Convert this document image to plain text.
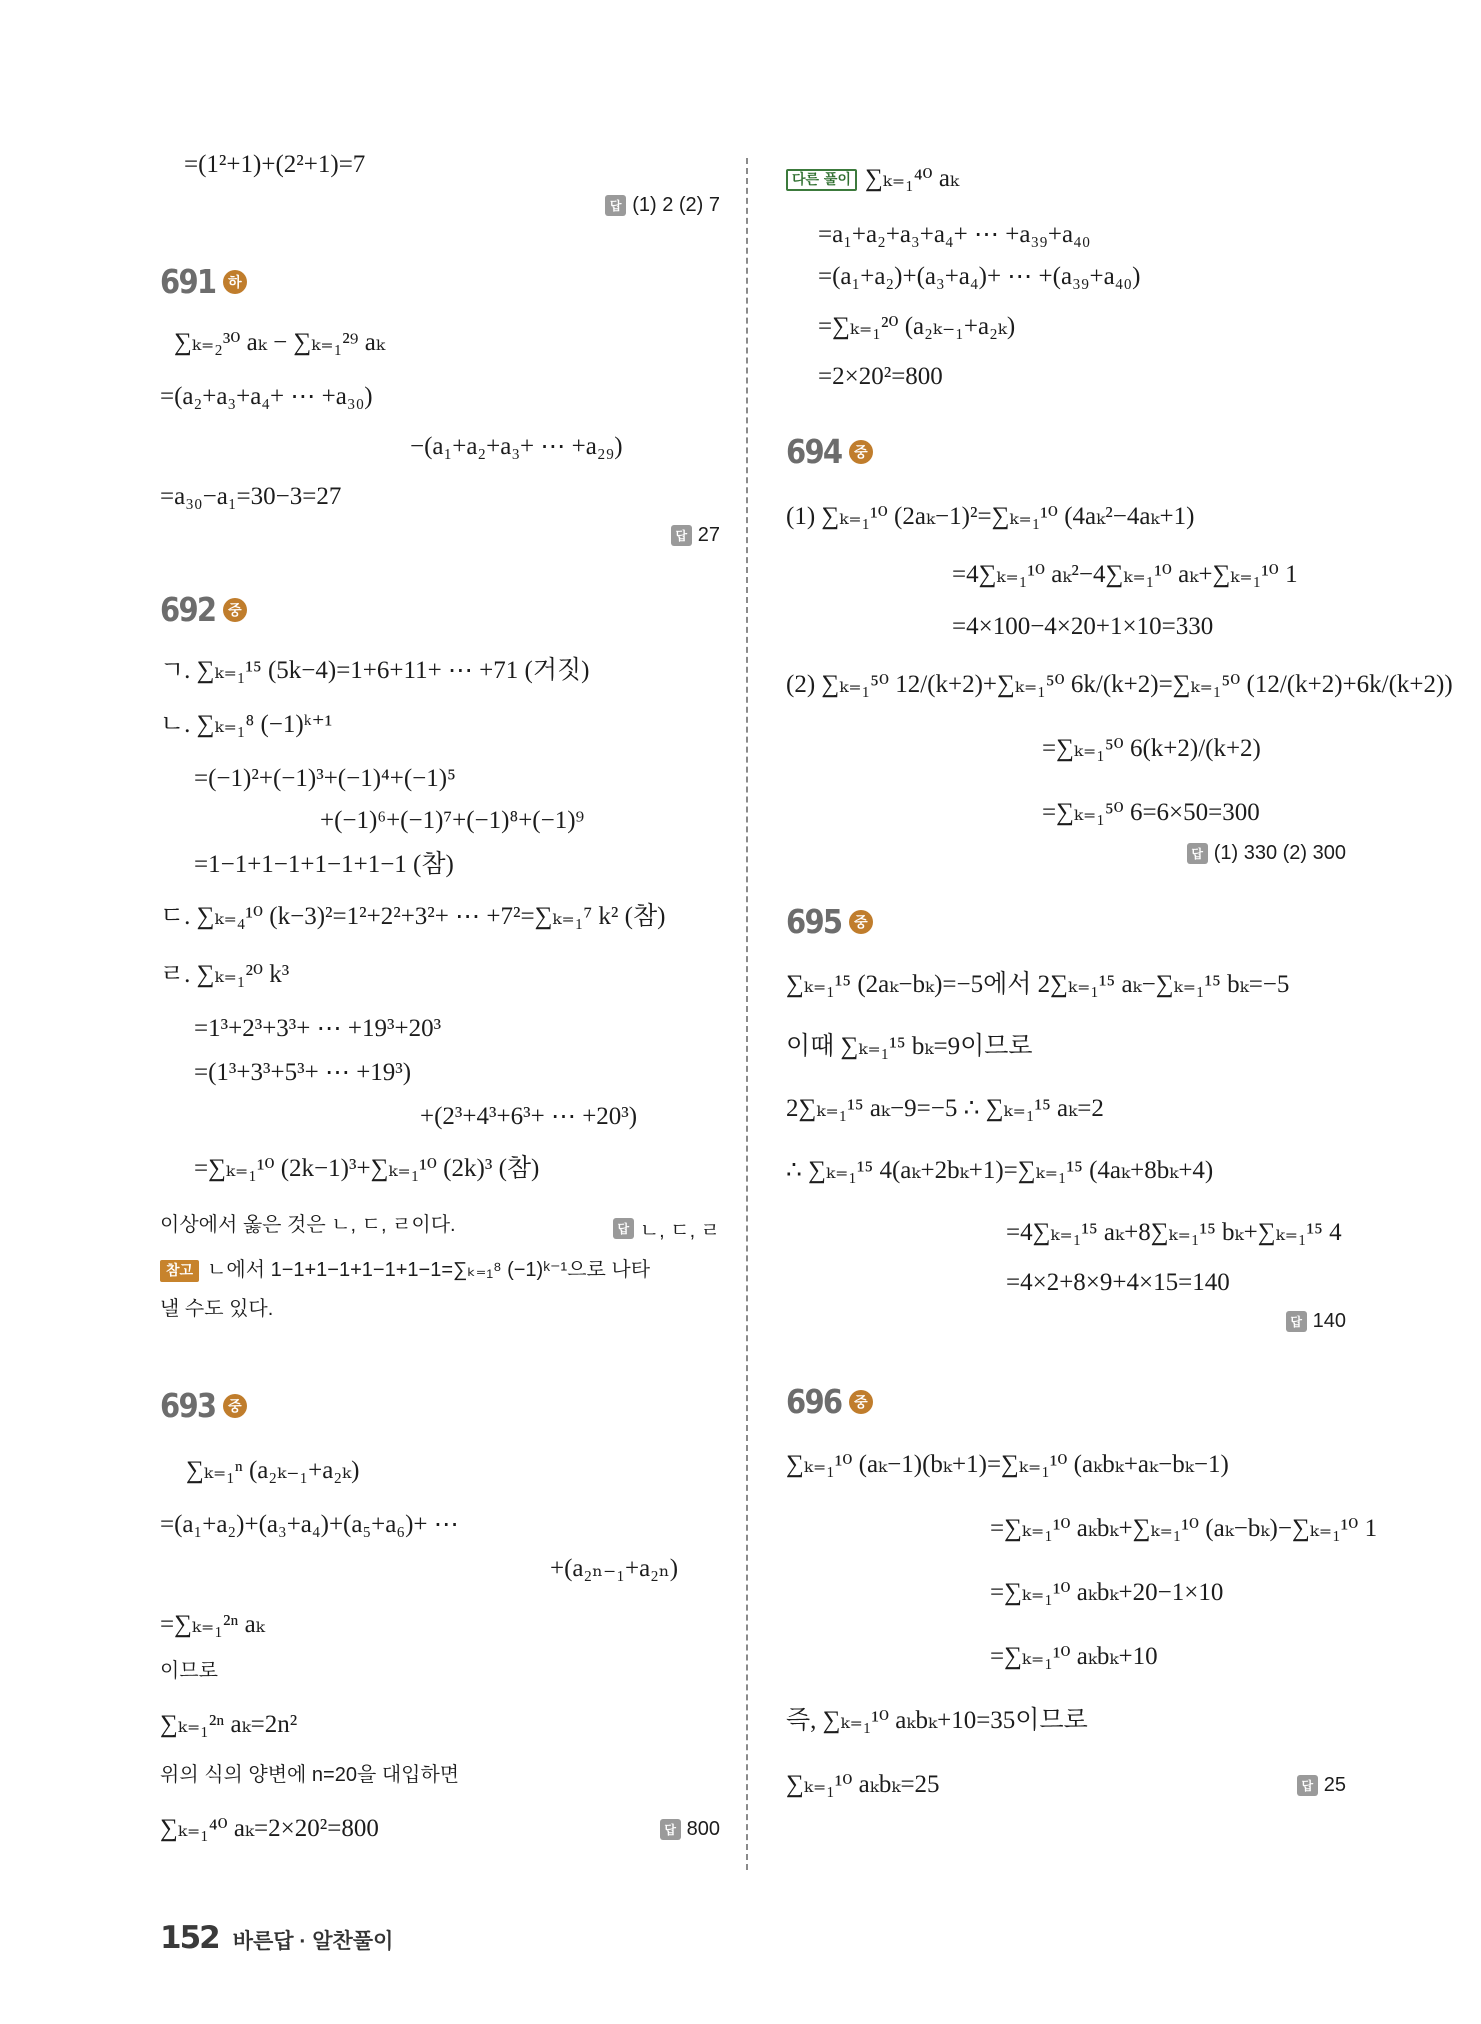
=(1²+1)+(2²+1)=7
답 (1) 2 (2) 7
691 하
∑ₖ₌₂³⁰ aₖ − ∑ₖ₌₁²⁹ aₖ
=(a₂+a₃+a₄+ ⋯ +a₃₀)
−(a₁+a₂+a₃+ ⋯ +a₂₉)
=a₃₀−a₁=30−3=27
답 27
692 중
ㄱ. ∑ₖ₌₁¹⁵ (5k−4)=1+6+11+ ⋯ +71 (거짓)
ㄴ. ∑ₖ₌₁⁸ (−1)ᵏ⁺¹
=(−1)²+(−1)³+(−1)⁴+(−1)⁵
+(−1)⁶+(−1)⁷+(−1)⁸+(−1)⁹
=1−1+1−1+1−1+1−1 (참)
ㄷ. ∑ₖ₌₄¹⁰ (k−3)²=1²+2²+3²+ ⋯ +7²=∑ₖ₌₁⁷ k² (참)
ㄹ. ∑ₖ₌₁²⁰ k³
=1³+2³+3³+ ⋯ +19³+20³
=(1³+3³+5³+ ⋯ +19³)
+(2³+4³+6³+ ⋯ +20³)
=∑ₖ₌₁¹⁰ (2k−1)³+∑ₖ₌₁¹⁰ (2k)³ (참)
이상에서 옳은 것은 ㄴ, ㄷ, ㄹ이다.	답 ㄴ, ㄷ, ㄹ
참고 ㄴ에서 1−1+1−1+1−1+1−1=∑ₖ₌₁⁸ (−1)ᵏ⁻¹으로 나타
낼 수도 있다.
693 중
∑ₖ₌₁ⁿ (a₂ₖ₋₁+a₂ₖ)
=(a₁+a₂)+(a₃+a₄)+(a₅+a₆)+ ⋯
+(a₂ₙ₋₁+a₂ₙ)
=∑ₖ₌₁²ⁿ aₖ
이므로
∑ₖ₌₁²ⁿ aₖ=2n²
위의 식의 양변에 n=20을 대입하면
∑ₖ₌₁⁴⁰ aₖ=2×20²=800	답 800
다른 풀이 ∑ₖ₌₁⁴⁰ aₖ
=a₁+a₂+a₃+a₄+ ⋯ +a₃₉+a₄₀
=(a₁+a₂)+(a₃+a₄)+ ⋯ +(a₃₉+a₄₀)
=∑ₖ₌₁²⁰ (a₂ₖ₋₁+a₂ₖ)
=2×20²=800
694 중
(1) ∑ₖ₌₁¹⁰ (2aₖ−1)²=∑ₖ₌₁¹⁰ (4aₖ²−4aₖ+1)
=4∑ₖ₌₁¹⁰ aₖ²−4∑ₖ₌₁¹⁰ aₖ+∑ₖ₌₁¹⁰ 1
=4×100−4×20+1×10=330
(2) ∑ₖ₌₁⁵⁰ 12/(k+2)+∑ₖ₌₁⁵⁰ 6k/(k+2)=∑ₖ₌₁⁵⁰ (12/(k+2)+6k/(k+2))
=∑ₖ₌₁⁵⁰ 6(k+2)/(k+2)
=∑ₖ₌₁⁵⁰ 6=6×50=300
답 (1) 330 (2) 300
695 중
∑ₖ₌₁¹⁵ (2aₖ−bₖ)=−5에서 2∑ₖ₌₁¹⁵ aₖ−∑ₖ₌₁¹⁵ bₖ=−5
이때 ∑ₖ₌₁¹⁵ bₖ=9이므로
2∑ₖ₌₁¹⁵ aₖ−9=−5 ∴ ∑ₖ₌₁¹⁵ aₖ=2
∴ ∑ₖ₌₁¹⁵ 4(aₖ+2bₖ+1)=∑ₖ₌₁¹⁵ (4aₖ+8bₖ+4)
=4∑ₖ₌₁¹⁵ aₖ+8∑ₖ₌₁¹⁵ bₖ+∑ₖ₌₁¹⁵ 4
=4×2+8×9+4×15=140
답 140
696 중
∑ₖ₌₁¹⁰ (aₖ−1)(bₖ+1)=∑ₖ₌₁¹⁰ (aₖbₖ+aₖ−bₖ−1)
=∑ₖ₌₁¹⁰ aₖbₖ+∑ₖ₌₁¹⁰ (aₖ−bₖ)−∑ₖ₌₁¹⁰ 1
=∑ₖ₌₁¹⁰ aₖbₖ+20−1×10
=∑ₖ₌₁¹⁰ aₖbₖ+10
즉, ∑ₖ₌₁¹⁰ aₖbₖ+10=35이므로
∑ₖ₌₁¹⁰ aₖbₖ=25	답 25
152 바른답 · 알찬풀이
